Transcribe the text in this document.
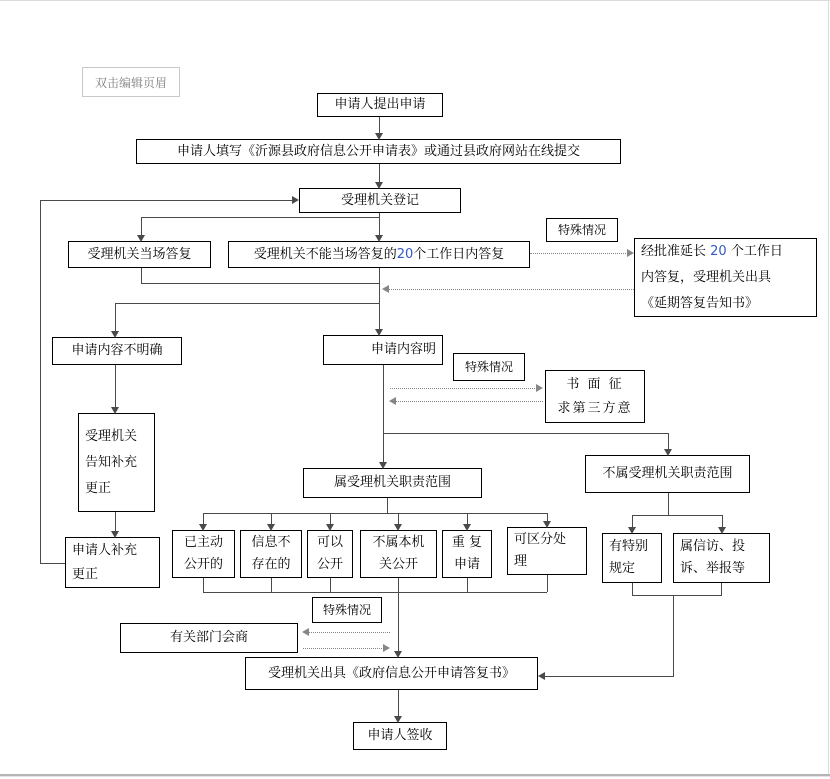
双击编辑页眉
申请人提出申请
申请人填写《沂源县政府信息公开申请表》或通过县政府网站在线提交
受理机关登记
受理机关当场答复	受理机关不能当场答复的 20 个工作日内答复
特殊情况
经批准延长 20 个工作日
内答复，受理机关出具
《延期答复告知书》
申请内容不明确	申请内容明
特殊情况
书 面 征
求第三方意
受理机关
告知补充
更正
申请人补充
更正
属受理机关职责范围
不属受理机关职责范围
已主动
公开的
信息不
存在的
可以
公开
不属本机
关公开
重 复
申请
可区分处
理
有特别
规定
属信访、投
诉、举报等
特殊情况
有关部门会商
受理机关出具《政府信息公开申请答复书》
申请人签收
